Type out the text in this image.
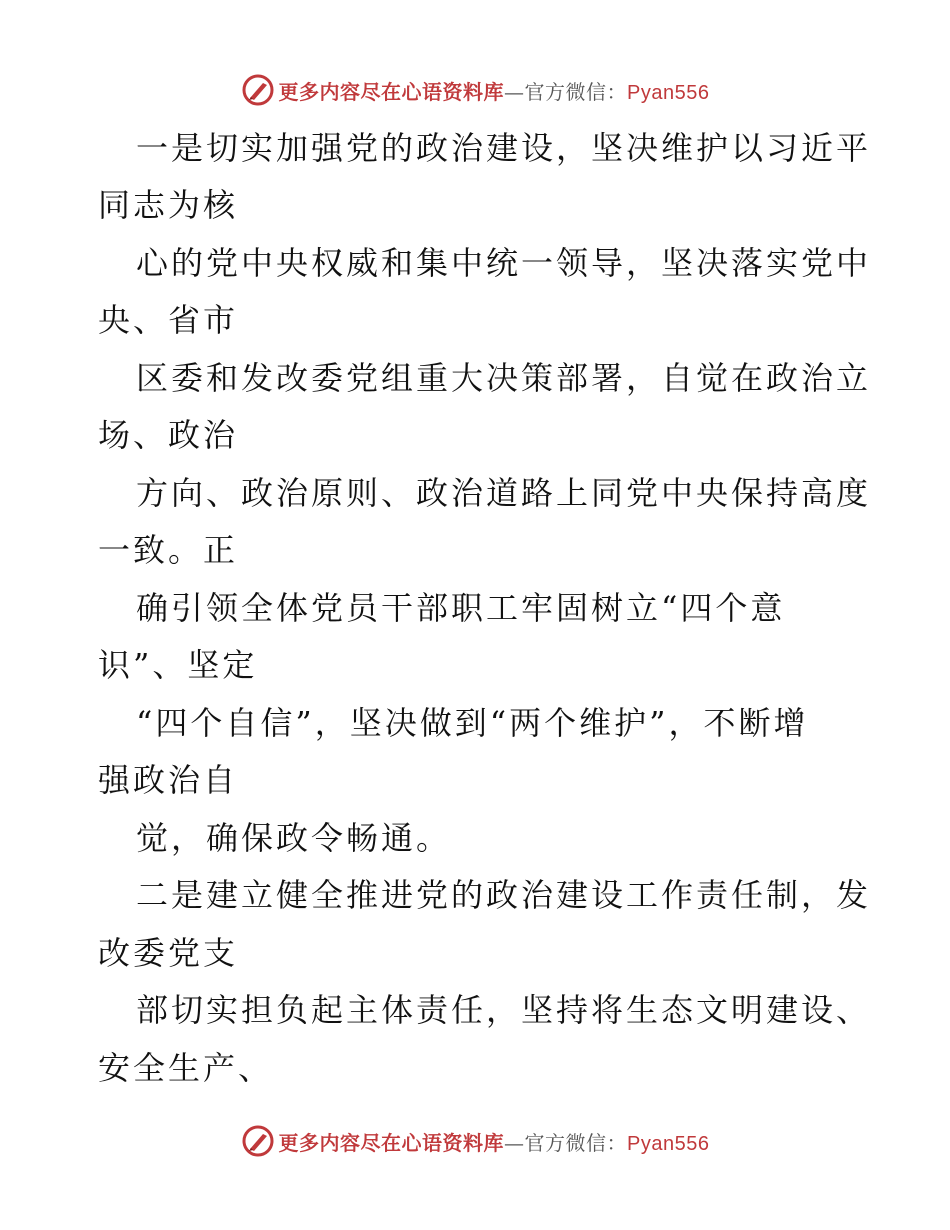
更多内容尽在心语资料库—官方微信：Pyan556
一是切实加强党的政治建设，坚决维护以习近平
同志为核
心的党中央权威和集中统一领导，坚决落实党中
央、省市
区委和发改委党组重大决策部署，自觉在政治立
场、政治
方向、政治原则、政治道路上同党中央保持高度
一致。正
确引领全体党员干部职工牢固树立“四个意
识”、坚定
“四个自信”，坚决做到“两个维护”，不断增
强政治自
觉，确保政令畅通。
二是建立健全推进党的政治建设工作责任制，发
改委党支
部切实担负起主体责任，坚持将生态文明建设、
安全生产、
更多内容尽在心语资料库—官方微信：Pyan556
